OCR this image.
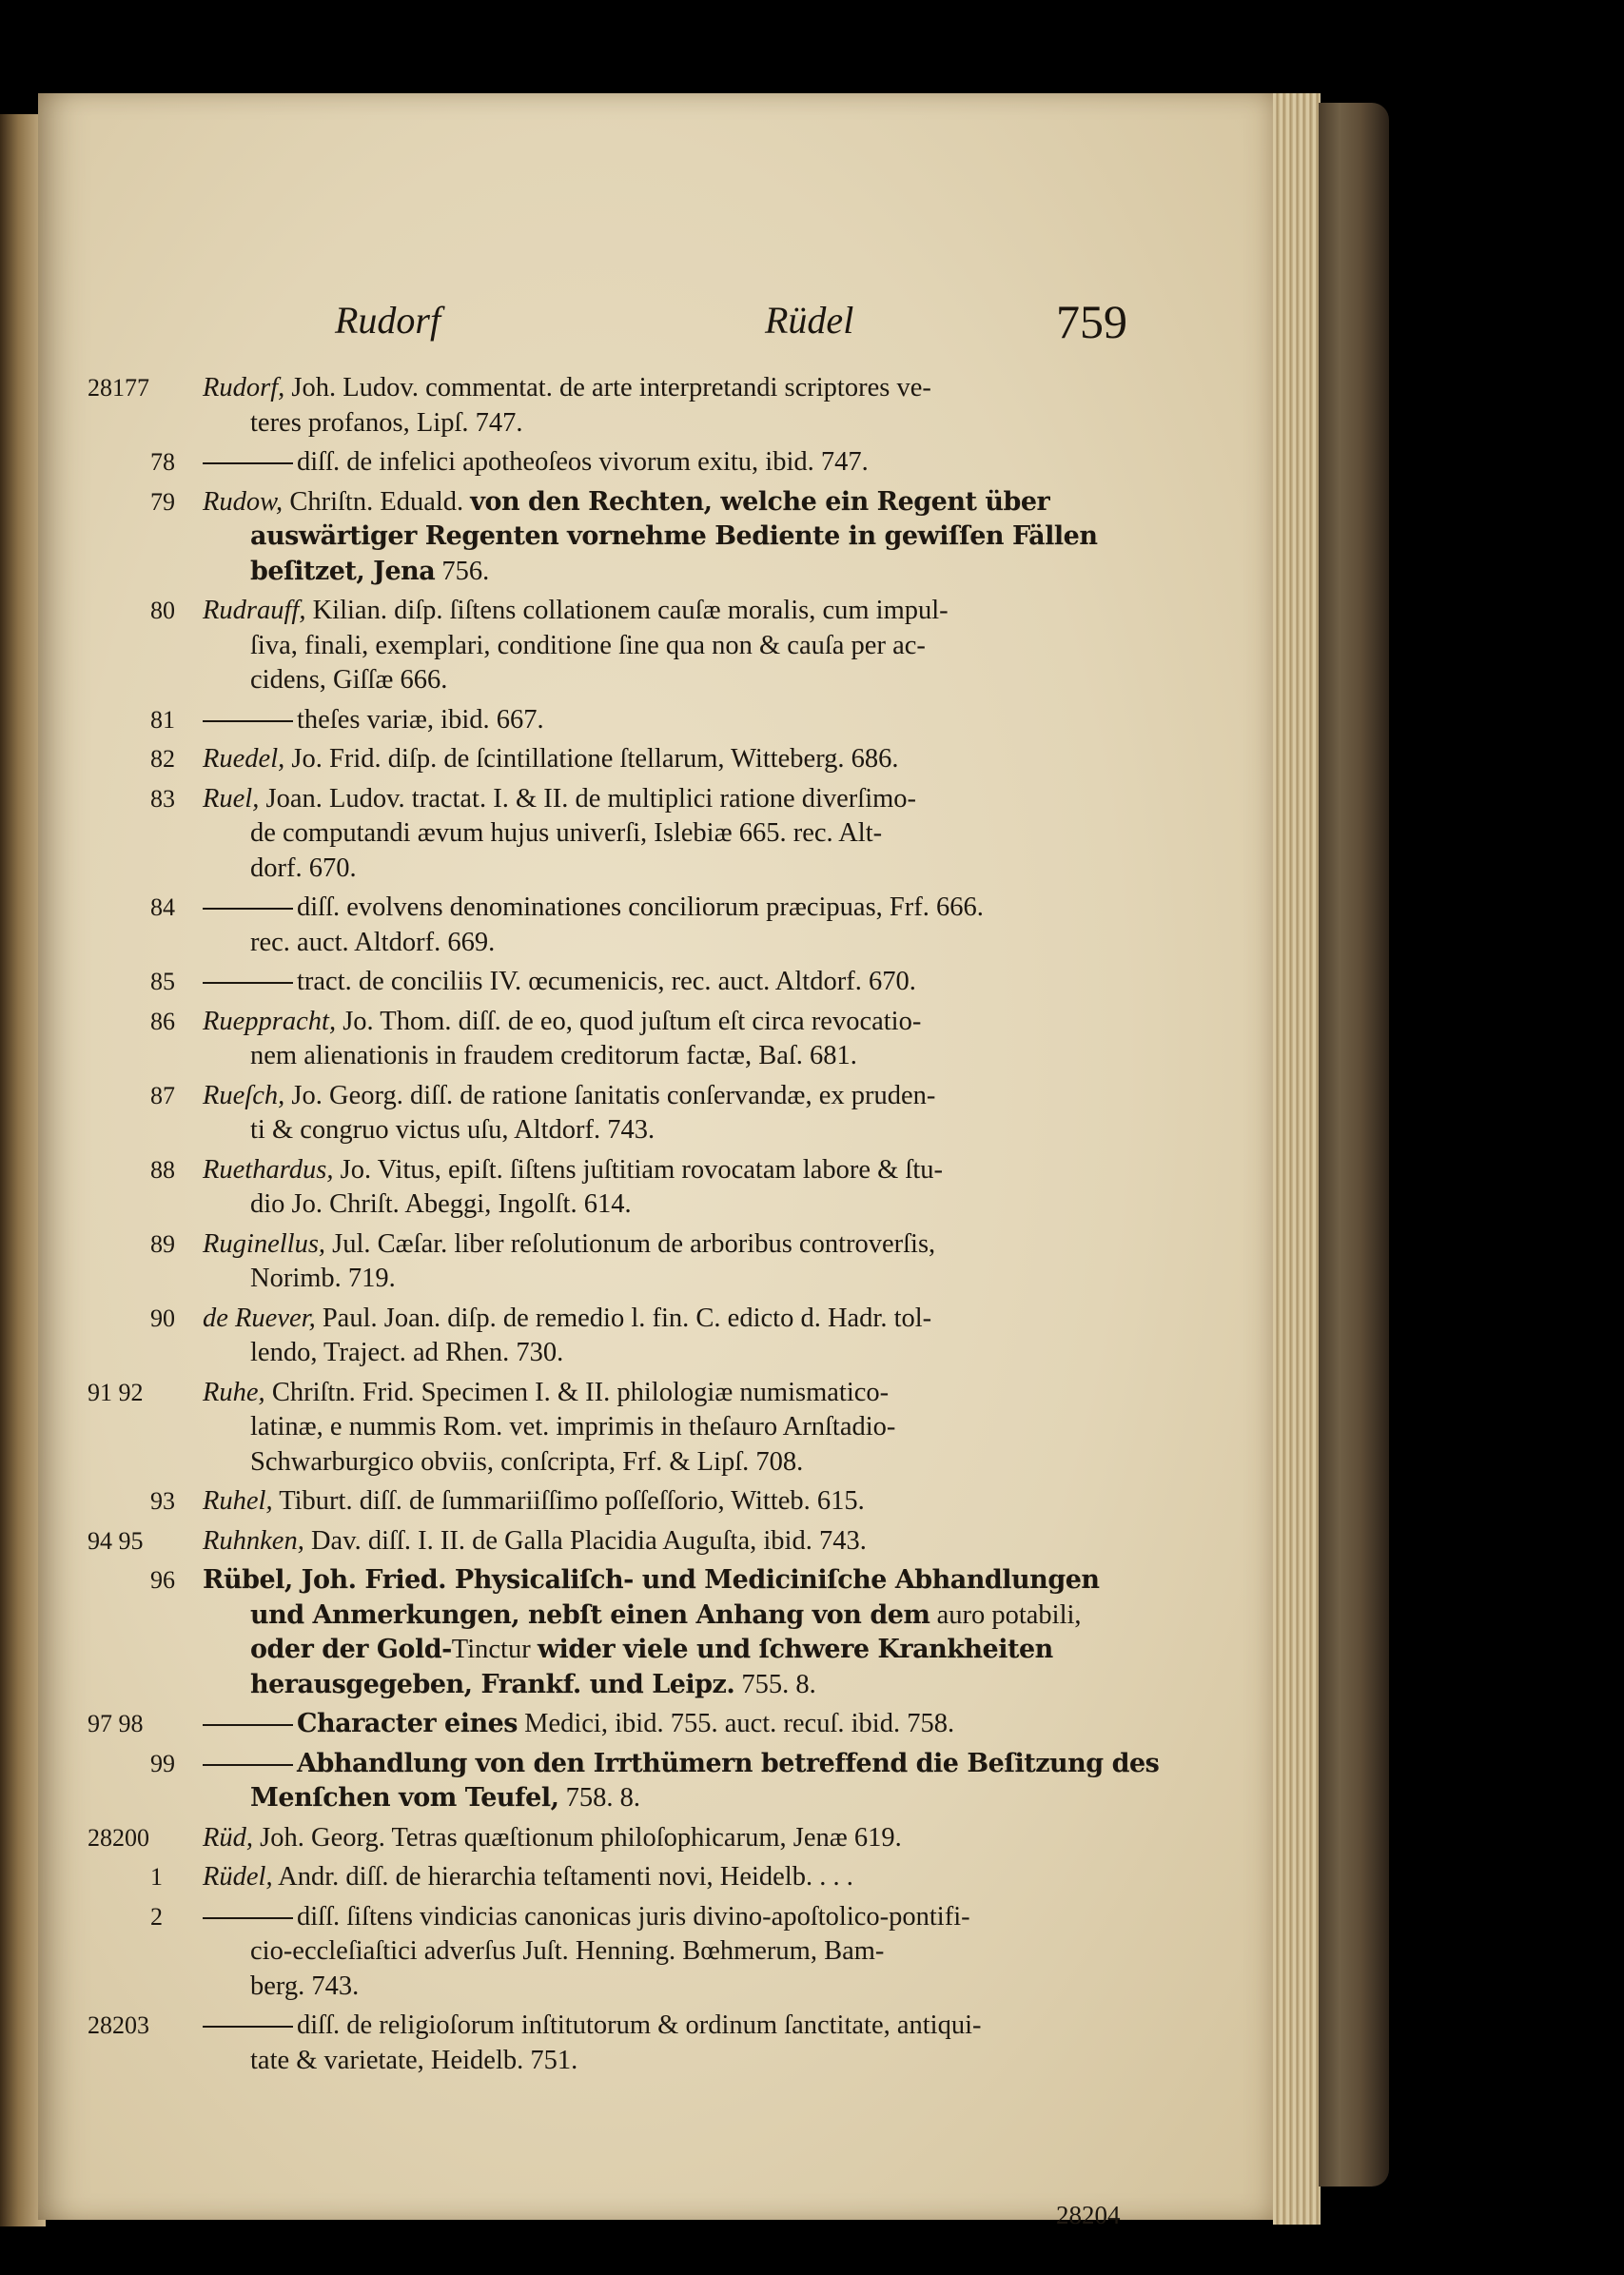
Rudorf	Rüdel	759
28177	Rudorf, Joh. Ludov. commentat. de arte interpretandi scriptores ve-
teres profanos, Lipſ. 747.
78	diſſ. de infelici apotheoſeos vivorum exitu, ibid. 747.
79	Rudow, Chriſtn. Eduald. von den Rechten, welche ein Regent über
auswärtiger Regenten vornehme Bediente in gewiſſen Fällen
beſitzet, Jena 756.
80	Rudrauff, Kilian. diſp. ſiſtens collationem cauſæ moralis, cum impul-
ſiva, finali, exemplari, conditione ſine qua non & cauſa per ac-
cidens, Giſſæ 666.
81	theſes variæ, ibid. 667.
82	Ruedel, Jo. Frid. diſp. de ſcintillatione ſtellarum, Witteberg. 686.
83	Ruel, Joan. Ludov. tractat. I. & II. de multiplici ratione diverſimo-
de computandi ævum hujus univerſi, Islebiæ 665. rec. Alt-
dorf. 670.
84	diſſ. evolvens denominationes conciliorum præcipuas, Frf. 666.
rec. auct. Altdorf. 669.
85	tract. de conciliis IV. œcumenicis, rec. auct. Altdorf. 670.
86	Rueppracht, Jo. Thom. diſſ. de eo, quod juſtum eſt circa revocatio-
nem alienationis in fraudem creditorum factæ, Baſ. 681.
87	Rueſch, Jo. Georg. diſſ. de ratione ſanitatis conſervandæ, ex pruden-
ti & congruo victus uſu, Altdorf. 743.
88	Ruethardus, Jo. Vitus, epiſt. ſiſtens juſtitiam rovocatam labore & ſtu-
dio Jo. Chriſt. Abeggi, Ingolſt. 614.
89	Ruginellus, Jul. Cæſar. liber reſolutionum de arboribus controverſis,
Norimb. 719.
90	de Ruever, Paul. Joan. diſp. de remedio l. fin. C. edicto d. Hadr. tol-
lendo, Traject. ad Rhen. 730.
91 92	Ruhe, Chriſtn. Frid. Specimen I. & II. philologiæ numismatico-
latinæ, e nummis Rom. vet. imprimis in theſauro Arnſtadio-
Schwarburgico obviis, conſcripta, Frf. & Lipſ. 708.
93	Ruhel, Tiburt. diſſ. de ſummariiſſimo poſſeſſorio, Witteb. 615.
94 95	Ruhnken, Dav. diſſ. I. II. de Galla Placidia Auguſta, ibid. 743.
96	Rübel, Joh. Fried. Physicaliſch- und Mediciniſche Abhandlungen
und Anmerkungen, nebſt einen Anhang von dem auro potabili,
oder der Gold-Tinctur wider viele und ſchwere Krankheiten
herausgegeben, Frankf. und Leipz. 755. 8.
97 98	Character eines Medici, ibid. 755. auct. recuſ. ibid. 758.
99	Abhandlung von den Irrthümern betreffend die Beſitzung des
Menſchen vom Teufel, 758. 8.
28200	Rüd, Joh. Georg. Tetras quæſtionum philoſophicarum, Jenæ 619.
1	Rüdel, Andr. diſſ. de hierarchia teſtamenti novi, Heidelb. . . .
2	diſſ. ſiſtens vindicias canonicas juris divino-apoſtolico-pontifi-
cio-eccleſiaſtici adverſus Juſt. Henning. Bœhmerum, Bam-
berg. 743.
28203	diſſ. de religioſorum inſtitutorum & ordinum ſanctitate, antiqui-
tate & varietate, Heidelb. 751.
28204
